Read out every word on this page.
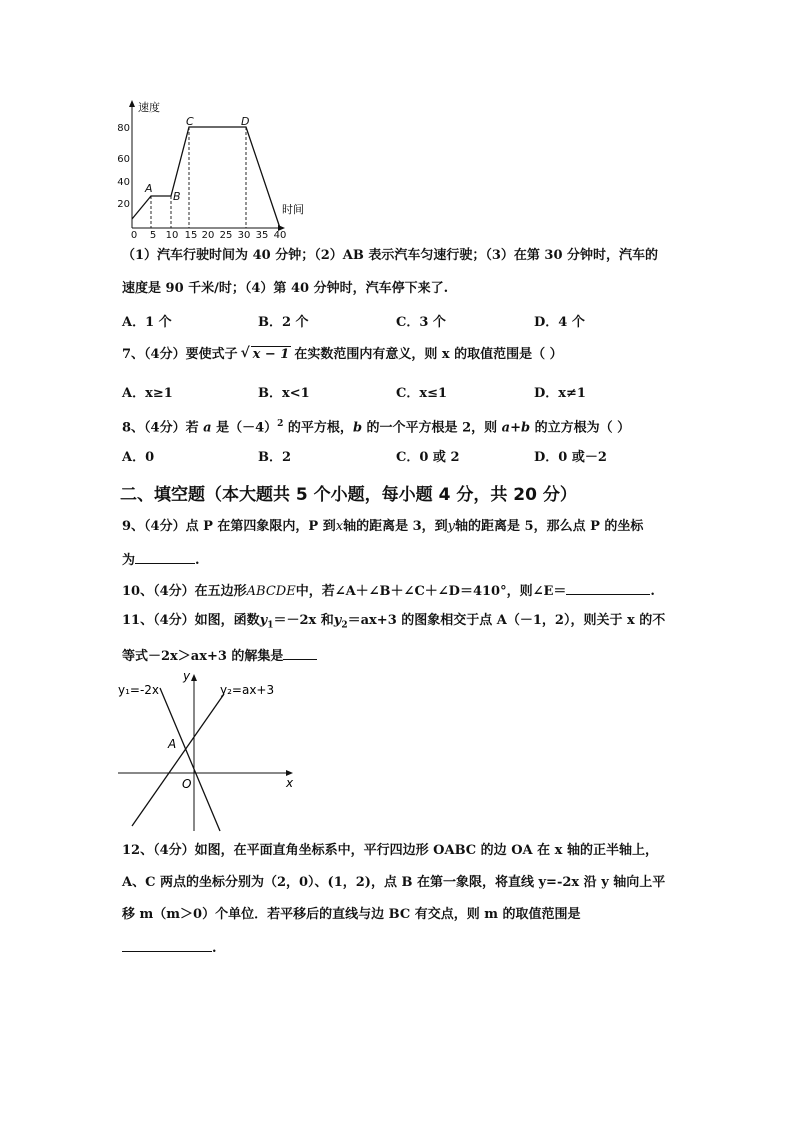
20
40
60
80
0 5 10 15 20 25 30 35 40
速度
时间
A
B
C	D
（1）汽车行驶时间为 40 分钟；（2）AB 表示汽车匀速行驶；（3）在第 30 分钟时，汽车的
速度是 90 千米/时；（4）第 40 分钟时，汽车停下来了.
A．1 个	B．2 个	C．3 个	D．4 个
7、（4分）要使式子 √ x − 1 在实数范围内有意义，则 x 的取值范围是（ ）
A．x≥1	B．x<1	C．x≤1	D．x≠1
8、（4分）若 a 是$(-4)^2$ 的平方根，b 的一个平方根是 2，则 a+b 的立方根为（ ）
A．0	B．2	C．0 或 2	D．0 或－2
二、填空题（本大题共 5 个小题，每小题 4 分，共 20 分）
9、（4分）点 P 在第四象限内，P 到x轴的距离是 3，到y轴的距离是 5，那么点 P 的坐标
为	.
10、（4分）在五边形ABCDE中，若∠A＋∠B＋∠C＋∠D＝410°，则∠E＝	.
11、（4分）如图，函数$y_1=-2x$ 和$y_2=ax+3$ 的图象相交于点 A（－1，2），则关于 x 的不
等式－2x＞ax+3 的解集是
y₁=-2x	y₂=ax+3
A
O	x
y
12、（4分）如图，在平面直角坐标系中，平行四边形 OABC 的边 OA 在 x 轴的正半轴上，
A、C 两点的坐标分别为（2，0）、(1，2)，点 B 在第一象限，将直线 y=-2x 沿 y 轴向上平
移 m（m＞0）个单位．若平移后的直线与边 BC 有交点，则 m 的取值范围是
.
